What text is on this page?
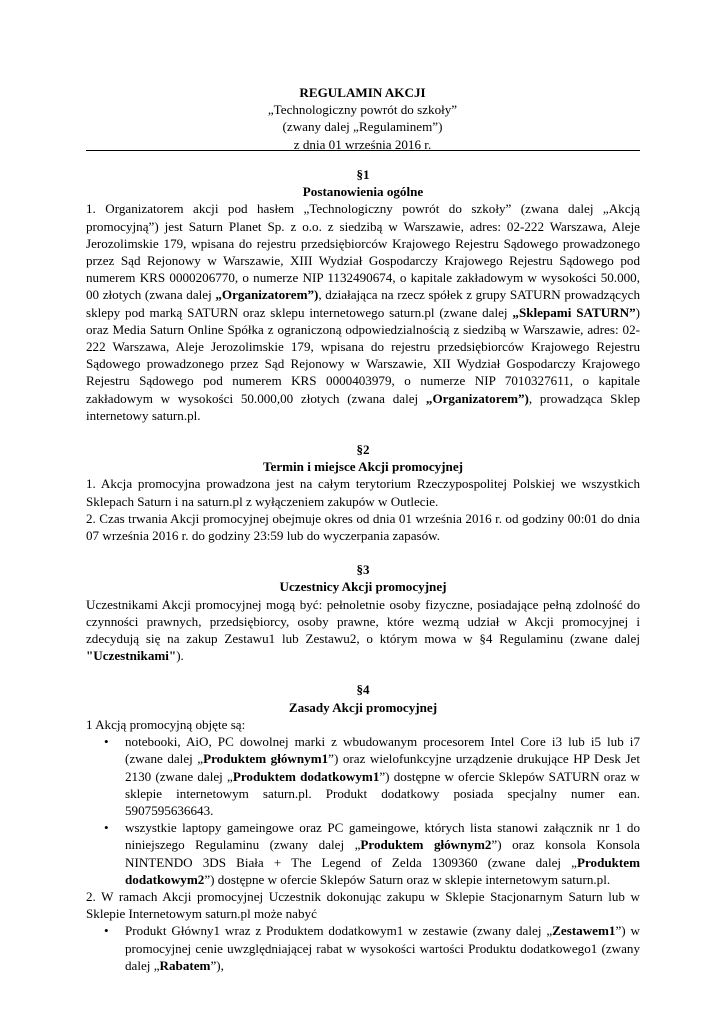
REGULAMIN AKCJI
„Technologiczny powrót do szkoły”
(zwany dalej „Regulaminem”)
z dnia 01 września 2016 r.
§1
Postanowienia ogólne

1. Organizatorem akcji pod hasłem „Technologiczny powrót do szkoły” (zwana dalej „Akcją promocyjną”) jest Saturn Planet Sp. z o.o. z siedzibą w Warszawie, adres: 02-222 Warszawa, Aleje Jerozolimskie 179, wpisana do rejestru przedsiębiorców Krajowego Rejestru Sądowego prowadzonego przez Sąd Rejonowy w Warszawie, XIII Wydział Gospodarczy Krajowego Rejestru Sądowego pod numerem KRS 0000206770, o numerze NIP 1132490674, o kapitale zakładowym w wysokości 50.000, 00 złotych (zwana dalej „Organizatorem”), działająca na rzecz spółek z grupy SATURN prowadzących sklepy pod marką SATURN oraz sklepu internetowego saturn.pl (zwane dalej „Sklepami SATURN”) oraz Media Saturn Online Spółka z ograniczoną odpowiedzialnością z siedzibą w Warszawie, adres: 02-222 Warszawa, Aleje Jerozolimskie 179, wpisana do rejestru przedsiębiorców Krajowego Rejestru Sądowego prowadzonego przez Sąd Rejonowy w Warszawie, XII Wydział Gospodarczy Krajowego Rejestru Sądowego pod numerem KRS 0000403979, o numerze NIP 7010327611, o kapitale zakładowym w wysokości 50.000,00 złotych (zwana dalej „Organizatorem”), prowadząca Sklep internetowy saturn.pl.

§2
Termin i miejsce Akcji promocyjnej

1. Akcja promocyjna prowadzona jest na całym terytorium Rzeczypospolitej Polskiej we wszystkich Sklepach Saturn i na saturn.pl z wyłączeniem zakupów w Outlecie.

2. Czas trwania Akcji promocyjnej obejmuje okres od dnia 01 września 2016 r. od godziny 00:01 do dnia 07 września 2016 r. do godziny 23:59 lub do wyczerpania zapasów.

§3
Uczestnicy Akcji promocyjnej

Uczestnikami Akcji promocyjnej mogą być: pełnoletnie osoby fizyczne, posiadające pełną zdolność do czynności prawnych, przedsiębiorcy, osoby prawne, które wezmą udział w Akcji promocyjnej i zdecydują się na zakup Zestawu1 lub Zestawu2, o którym mowa w §4 Regulaminu (zwane dalej "Uczestnikami").

§4
Zasady Akcji promocyjnej

1 Akcją promocyjną objęte są:

• notebooki, AiO, PC dowolnej marki z wbudowanym procesorem Intel Core i3 lub i5 lub i7 (zwane dalej „Produktem głównym1”) oraz wielofunkcyjne urządzenie drukujące HP Desk Jet 2130 (zwane dalej „Produktem dodatkowym1”) dostępne w ofercie Sklepów SATURN oraz w sklepie internetowym saturn.pl. Produkt dodatkowy posiada specjalny numer ean. 5907595636643.
• wszystkie laptopy gameingowe oraz PC gameingowe, których lista stanowi załącznik nr 1 do niniejszego Regulaminu (zwany dalej „Produktem głównym2”) oraz konsola Konsola NINTENDO 3DS Biała + The Legend of Zelda 1309360 (zwane dalej „Produktem dodatkowym2”) dostępne w ofercie Sklepów Saturn oraz w sklepie internetowym saturn.pl.

2. W ramach Akcji promocyjnej Uczestnik dokonując zakupu w Sklepie Stacjonarnym Saturn lub w Sklepie Internetowym saturn.pl może nabyć

• Produkt Główny1 wraz z Produktem dodatkowym1 w zestawie (zwany dalej „Zestawem1”) w promocyjnej cenie uwzględniającej rabat w wysokości wartości Produktu dodatkowego1 (zwany dalej „Rabatem”),
